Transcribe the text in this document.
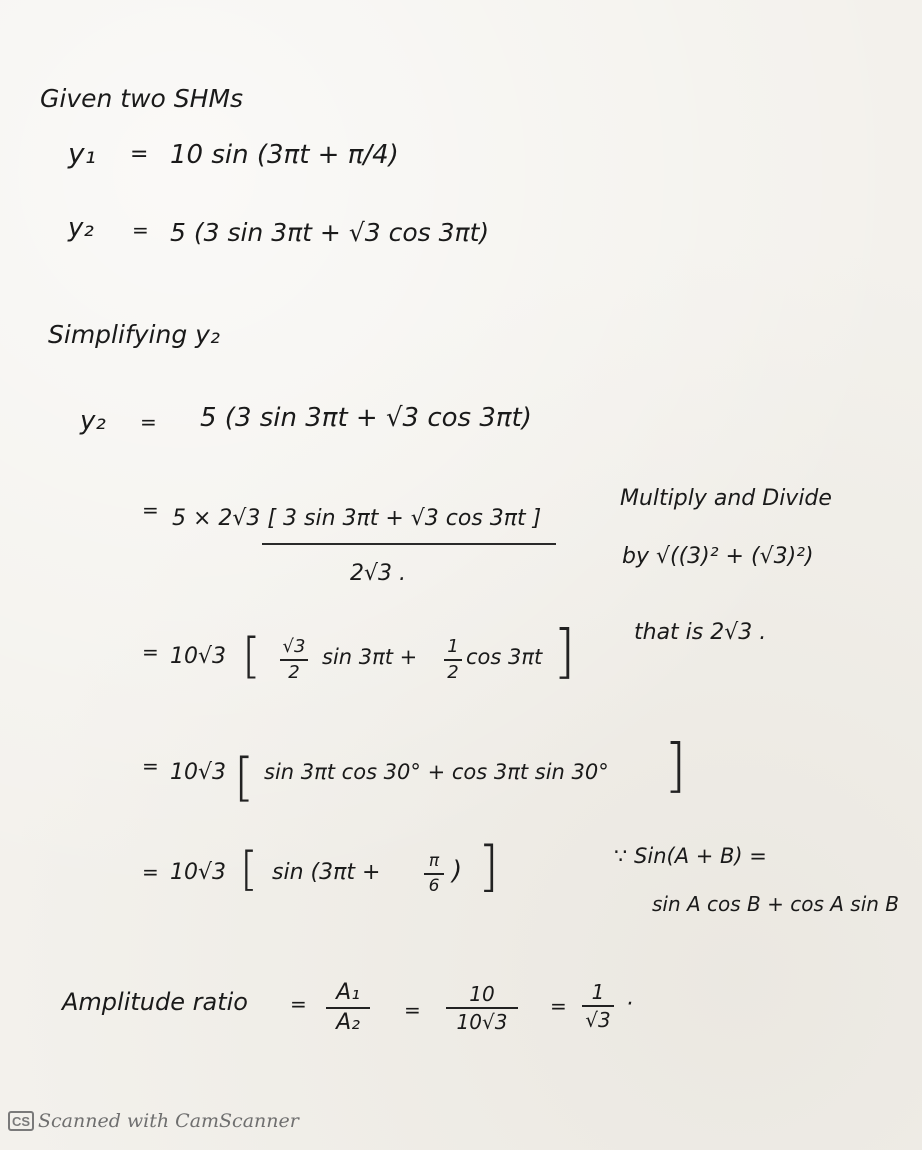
Given two SHMs
y₁ = 10 sin (3πt + π/4)
y₂ = 5 (3 sin 3πt + √3 cos 3πt)
Simplifying y₂
y₂ = 5 (3 sin 3πt + √3 cos 3πt)
= 5 × 2√3 [ 3 sin 3πt + √3 cos 3πt ]
2√3 .
Multiply and Divide
by √((3)² + (√3)²)
that is 2√3 .
= 10√3 [ √3
2
sin 3πt + 1
2
cos 3πt ]
= 10√3 [ sin 3πt cos 30° + cos 3πt sin 30° ]
= 10√3 [ sin (3πt +	π
6 ) ]	∵ Sin(A + B) =
sin A cos B + cos A sin B
Amplitude ratio =	A₁
A₂	=
10
10√3
=
1
√3
·
CS Scanned with CamScanner
